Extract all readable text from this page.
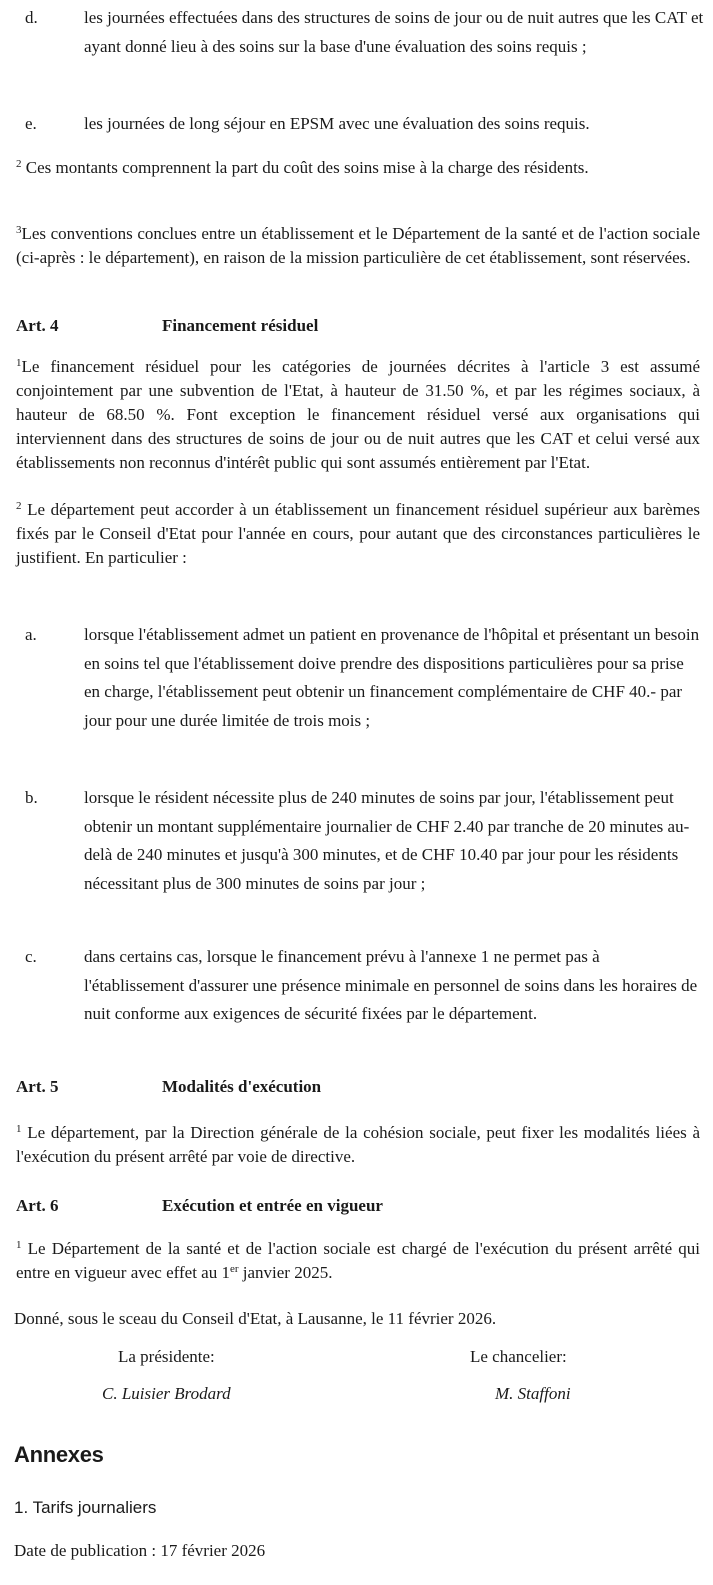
d.	les journées effectuées dans des structures de soins de jour ou de nuit autres que les CAT et ayant donné lieu à des soins sur la base d'une évaluation des soins requis ;
e.	les journées de long séjour en EPSM avec une évaluation des soins requis.

$^2$ Ces montants comprennent la part du coût des soins mise à la charge des résidents.

$^3$Les conventions conclues entre un établissement et le Département de la santé et de l'action sociale (ci-après : le département), en raison de la mission particulière de cet établissement, sont réservées.

Art. 4	Financement résiduel

$^1$Le financement résiduel pour les catégories de journées décrites à l'article 3 est assumé conjointement par une subvention de l'Etat, à hauteur de 31.50 %, et par les régimes sociaux, à hauteur de 68.50 %. Font exception le financement résiduel versé aux organisations qui interviennent dans des structures de soins de jour ou de nuit autres que les CAT et celui versé aux établissements non reconnus d'intérêt public qui sont assumés entièrement par l'Etat.

$^2$ Le département peut accorder à un établissement un financement résiduel supérieur aux barèmes fixés par le Conseil d'Etat pour l'année en cours, pour autant que des circonstances particulières le justifient. En particulier :

a.	lorsque l'établissement admet un patient en provenance de l'hôpital et présentant un besoin en soins tel que l'établissement doive prendre des dispositions particulières pour sa prise en charge, l'établissement peut obtenir un financement complémentaire de CHF 40.- par jour pour une durée limitée de trois mois ;
b.	lorsque le résident nécessite plus de 240 minutes de soins par jour, l'établissement peut obtenir un montant supplémentaire journalier de CHF 2.40 par tranche de 20 minutes au-delà de 240 minutes et jusqu'à 300 minutes, et de CHF 10.40 par jour pour les résidents nécessitant plus de 300 minutes de soins par jour ;
c.	dans certains cas, lorsque le financement prévu à l'annexe 1 ne permet pas à l'établissement d'assurer une présence minimale en personnel de soins dans les horaires de nuit conforme aux exigences de sécurité fixées par le département.
Art. 5	Modalités d'exécution

$^1$ Le département, par la Direction générale de la cohésion sociale, peut fixer les modalités liées à l'exécution du présent arrêté par voie de directive.

Art. 6	Exécution et entrée en vigueur

$^1$ Le Département de la santé et de l'action sociale est chargé de l'exécution du présent arrêté qui entre en vigueur avec effet au 1er janvier 2025.

Donné, sous le sceau du Conseil d'Etat, à Lausanne, le 11 février 2026.
La présidente:
C. Luisier Brodard
Le chancelier:
M. Staffoni
Annexes
1. Tarifs journaliers
Date de publication : 17 février 2026
